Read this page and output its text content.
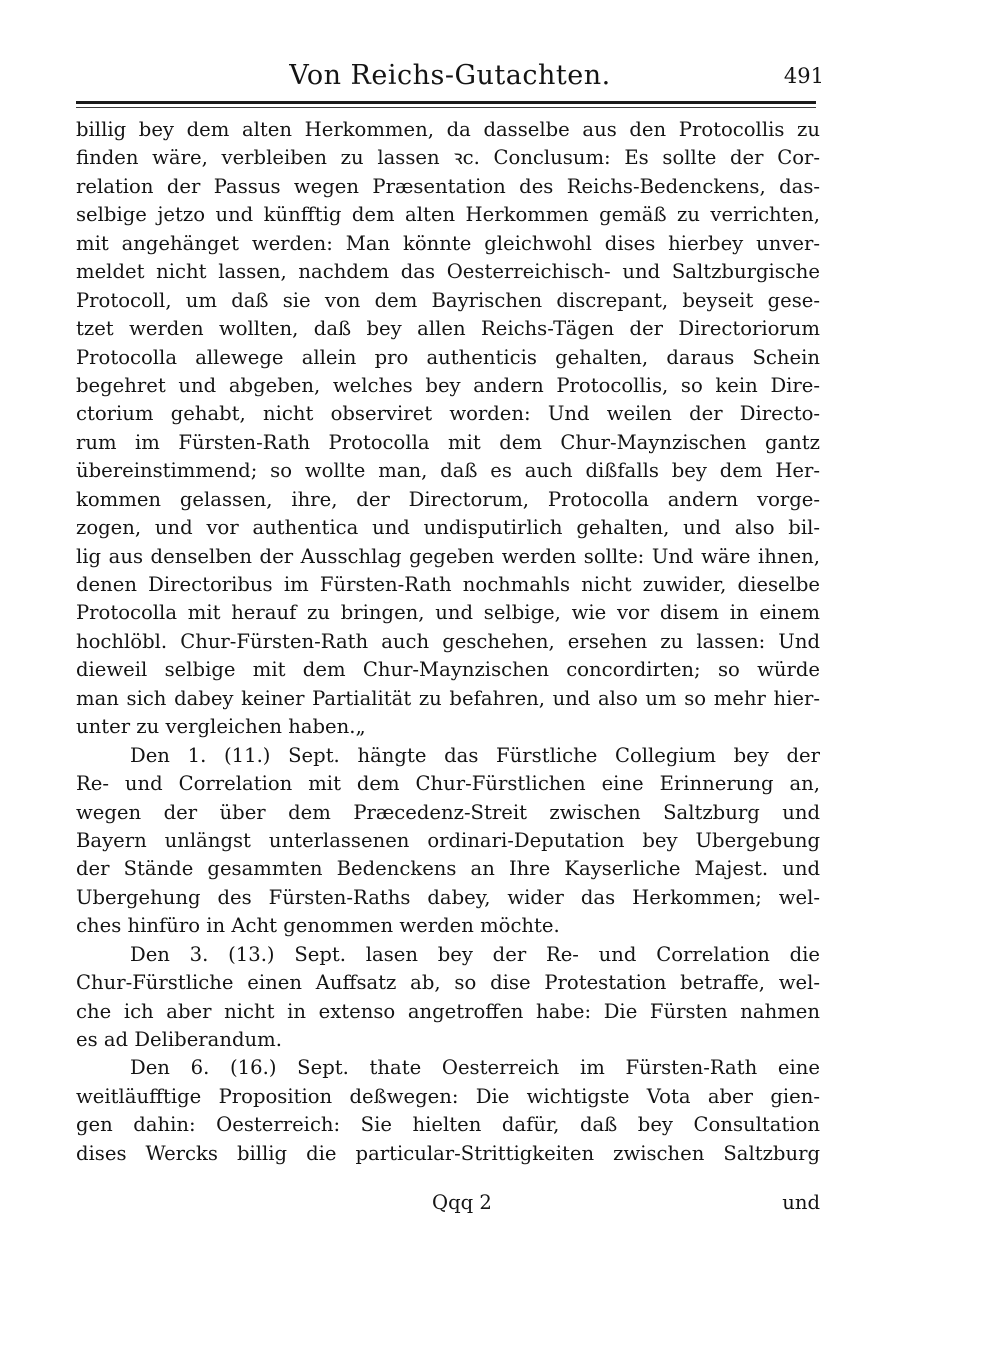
Von Reichs-Gutachten.	491
billig bey dem alten Herkommen, da dasselbe aus den Protocollis zu
finden wäre, verbleiben zu lassen ꝛc. Conclusum: Es sollte der Cor-
relation der Passus wegen Præsentation des Reichs-Bedenckens, das-
selbige jetzo und künfftig dem alten Herkommen gemäß zu verrichten,
mit angehänget werden: Man könnte gleichwohl dises hierbey unver-
meldet nicht lassen, nachdem das Oesterreichisch- und Saltzburgische
Protocoll, um daß sie von dem Bayrischen discrepant, beyseit gese-
tzet werden wollten, daß bey allen Reichs-Tägen der Directoriorum
Protocolla allewege allein pro authenticis gehalten, daraus Schein
begehret und abgeben, welches bey andern Protocollis, so kein Dire-
ctorium gehabt, nicht observiret worden: Und weilen der Directo-
rum im Fürsten-Rath Protocolla mit dem Chur-Maynzischen gantz
übereinstimmend; so wollte man, daß es auch dißfalls bey dem Her-
kommen gelassen, ihre, der Directorum, Protocolla andern vorge-
zogen, und vor authentica und undisputirlich gehalten, und also bil-
lig aus denselben der Ausschlag gegeben werden sollte: Und wäre ihnen,
denen Directoribus im Fürsten-Rath nochmahls nicht zuwider, dieselbe
Protocolla mit herauf zu bringen, und selbige, wie vor disem in einem
hochlöbl. Chur-Fürsten-Rath auch geschehen, ersehen zu lassen: Und
dieweil selbige mit dem Chur-Maynzischen concordirten; so würde
man sich dabey keiner Partialität zu befahren, und also um so mehr hier-
unter zu vergleichen haben.„
Den 1. (11.) Sept. hängte das Fürstliche Collegium bey der
Re- und Correlation mit dem Chur-Fürstlichen eine Erinnerung an,
wegen der über dem Præcedenz-Streit zwischen Saltzburg und
Bayern unlängst unterlassenen ordinari-Deputation bey Ubergebung
der Stände gesammten Bedenckens an Ihre Kayserliche Majest. und
Ubergehung des Fürsten-Raths dabey, wider das Herkommen; wel-
ches hinfüro in Acht genommen werden möchte.
Den 3. (13.) Sept. lasen bey der Re- und Correlation die
Chur-Fürstliche einen Auffsatz ab, so dise Protestation betraffe, wel-
che ich aber nicht in extenso angetroffen habe: Die Fürsten nahmen
es ad Deliberandum.
Den 6. (16.) Sept. thate Oesterreich im Fürsten-Rath eine
weitläufftige Proposition deßwegen: Die wichtigste Vota aber gien-
gen dahin: Oesterreich: Sie hielten dafür, daß bey Consultation
dises Wercks billig die particular-Strittigkeiten zwischen Saltzburg
Qqq 2	und
